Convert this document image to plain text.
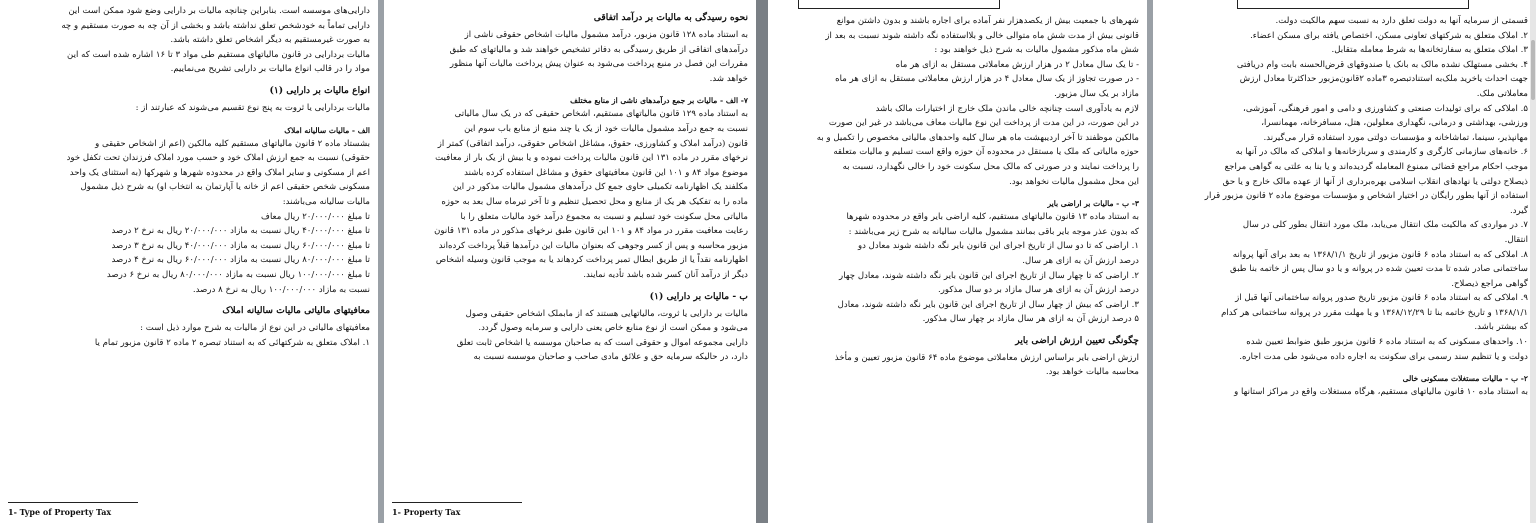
دارایی‌های موسسه است. بنابراین چنانچه مالیات بر دارایی وضع شود ممکن است این
دارایی تماماً به خودشخص تعلق نداشته باشد و بخشی از آن چه به صورت مستقیم و چه
به صورت غیرمستقیم به دیگر اشخاص تعلق داشته باشد.
مالیات بردارایی در قانون مالیاتهای مستقیم طی مواد ۳ تا ۱۶ اشاره شده است که این
مواد را در قالب انواع مالیات بر دارایی تشریح می‌نماییم.
انواع مالیات بر دارایی (۱)
مالیات بردارایی یا ثروت به پنج نوع تقسیم می‌شوند که عبارتند از :
الف - مالیات سالیانه املاک
بشستاد ماده ۲ قانون مالیاتهای مستقیم کلیه مالکین (اعم از اشخاص حقیقی و
حقوقی) نسبت به جمع ارزش املاک خود و حسب مورد املاک فرزندان تحت تکفل خود
اعم از مسکونی و سایر املاک واقع در محدوده شهرها و شهرکها (به استثنای یک واحد
مسکونی شخص حقیقی اعم از خانه یا آپارتمان به انتخاب او) به شرح ذیل مشمول
مالیات سالیانه می‌باشند:
تا مبلغ ۲۰/۰۰۰/۰۰۰ ریال معاف
تا مبلغ ۴۰/۰۰۰/۰۰۰ ریال نسبت به مازاد ۲۰/۰۰۰/۰۰۰ ریال به نرخ ۲ درصد
تا مبلغ ۶۰/۰۰۰/۰۰۰ ریال نسبت به مازاد ۴۰/۰۰۰/۰۰۰ ریال به نرخ ۳ درصد
تا مبلغ ۸۰/۰۰۰/۰۰۰ ریال نسبت به مازاد ۶۰/۰۰۰/۰۰۰ ریال به نرخ ۴ درصد
تا مبلغ ۱۰۰/۰۰۰/۰۰۰ ریال نسبت به مازاد ۸۰/۰۰۰/۰۰۰ ریال به نرخ ۶ درصد
نسبت به مازاد ۱۰۰/۰۰۰/۰۰۰ ریال به نرخ ۸ درصد.
معافیتهای مالیاتی مالیات سالیانه املاک
معافیتهای مالیاتی در این نوع از مالیات به شرح موارد ذیل است :
۱. املاک متعلق به شرکتهائی که به استناد تبصره ۲ ماده ۲ قانون مزبور تمام یا
1- Type of Property Tax
نحوه رسیدگی به مالیات بر درآمد اتفاقی
به استناد ماده ۱۲۸ قانون مزبور، درآمد مشمول مالیات اشخاص حقوقی ناشی از
درآمدهای اتفاقی از طریق رسیدگی به دفاتر تشخیص خواهند شد و مالیاتهای که طبق
مقررات این فصل در منبع پرداخت می‌شود به عنوان پیش پرداخت مالیات آنها منظور
خواهد شد.
۷- الف - مالیات بر جمع درآمدهای ناشی از منابع مختلف
به استناد ماده ۱۲۹ قانون مالیاتهای مستقیم، اشخاص حقیقی که در یک سال مالیاتی
نسبت به جمع درآمد مشمول مالیات خود از یک یا چند منبع از منابع باب سوم این
قانون (درآمد املاک و کشاورزی، حقوق، مشاغل اشخاص حقوقی، درآمد اتفاقی) کمتر از
نرخهای مقرر در ماده ۱۳۱ این قانون مالیات پرداخت نموده و یا بیش از یک بار از معافیت
موضوع مواد ۸۴ و ۱۰۱ این قانون معافیتهای حقوق و مشاغل استفاده کرده باشند
مکلفند یک اظهارنامه تکمیلی حاوی جمع کل درآمدهای مشمول مالیات مذکور در این
ماده را به تفکیک هر یک از منابع و محل تحصیل تنظیم و تا آخر تیرماه سال بعد به حوزه
مالیاتی محل سکونت خود تسلیم و نسبت به مجموع درآمد خود مالیات متعلق را با
رعایت معافیت مقرر در مواد ۸۴ و ۱۰۱ این قانون طبق نرخهای مذکور در ماده ۱۳۱ قانون
مزبور محاسبه و پس از کسر وجوهی که بعنوان مالیات این درآمدها قبلاً پرداخت کرده‌اند
اظهارنامه نقداً یا از طریق ابطال تمبر پرداخت کردهاند یا به موجب قانون وسیله اشخاص
دیگر از درآمد آنان کسر شده باشد تأدیه نمایند.
ب - مالیات بر دارایی (۱)
مالیات بر دارایی یا ثروت، مالیاتهایی هستند که از مابملک اشخاص حقیقی وصول
می‌شود و ممکن است از نوع منابع خاص یعنی دارایی و سرمایه وصول گردد.
دارایی مجموعه اموال و حقوقی است که به صاحبان موسسه یا اشخاص ثابت تعلق
دارد، در حالیکه سرمایه حق و علائق مادی صاحب و صاحبان موسسه نسبت به
1- Property Tax
شهرهای با جمعیت بیش از یکصدهزار نفر آماده برای اجاره باشند و بدون داشتن موانع
قانونی بیش از مدت شش ماه متوالی خالی و بلااستفاده نگه داشته شوند نسبت به بعد از
شش ماه مذکور مشمول مالیات به شرح ذیل خواهند بود :
- تا یک سال معادل ۲ در هزار ارزش معاملاتی مستقل به ازای هر ماه
- در صورت تجاوز از یک سال معادل ۴ در هزار ارزش معاملاتی مستقل به ازای هر ماه
مازاد بر یک سال مزبور.
لازم به یادآوری است چنانچه خالی ماندن ملک خارج از اختیارات مالک باشد
در این صورت، در این مدت از پرداخت این نوع مالیات معاف می‌باشد در غیر این صورت
مالکین موظفند تا آخر اردیبهشت ماه هر سال کلیه واحدهای مالیاتی مخصوص را تکمیل و به
حوزه مالیاتی که ملک یا مستقل در محدوده آن حوزه واقع است تسلیم و مالیات متعلقه
را پرداخت نمایند و در صورتی که مالک محل سکونت خود را خالی نگهدارد، نسبت به
این محل مشمول مالیات نخواهد بود.
۳- ب - مالیات بر اراضی بایر
به استناد ماده ۱۳ قانون مالیاتهای مستقیم، کلیه اراضی بایر واقع در محدوده شهرها
که بدون عذر موجه بایر باقی بمانند مشمول مالیات سالیانه به شرح زیر می‌باشند :
۱. اراضی که تا دو سال از تاریخ اجرای این قانون بایر نگه داشته شوند معادل دو
درصد ارزش آن به ازای هر سال.
۲. اراضی که تا چهار سال از تاریخ اجرای این قانون بایر نگه داشته شوند، معادل چهار
درصد ارزش آن به ازای هر سال مازاد بر دو سال مذکور.
۳. اراضی که بیش از چهار سال از تاریخ اجرای این قانون بایر نگه داشته شوند، معادل
۵ درصد ارزش آن به ازای هر سال مازاد بر چهار سال مذکور.
چگونگی تعیین ارزش اراضی بایر
ارزش اراضی بایر براساس ارزش معاملاتی موضوع ماده ۶۴ قانون مزبور تعیین و مأخذ
محاسبه مالیات خواهد بود.
قسمتی از سرمایه آنها به دولت تعلق دارد به نسبت سهم مالکیت دولت.
۲. املاک متعلق به شرکتهای تعاونی مسکن، اختصاص یافته برای مسکن اعضاء.
۳. املاک متعلق به سفارتخانه‌ها به شرط معامله متقابل.
۴. بخشی مستهلک نشده مالک به بانک یا صندوقهای قرض‌الحسنه بابت وام دریافتی
جهت احداث یاخرید ملک‌به استنادتبصره ۳ماده ۲قانون‌مزبور حداکثرتا معادل ارزش
معاملاتی ملک.
۵. املاکی که برای تولیدات صنعتی و کشاورزی و دامی و امور فرهنگی، آموزشی،
ورزشی، بهداشتی و درمانی، نگهداری معلولین، هتل، مسافرخانه، مهمانسرا،
مهانپذیر، سینما، تماشاخانه و مؤسسات دولتی مورد استفاده قرار می‌گیرند.
۶. خانه‌های سازمانی کارگری و کارمندی و سربازخانه‌ها و املاکی که مالک در آنها به
موجب احکام مراجع قضائی ممنوع المعامله گردیده‌اند و یا بنا به علتی به گواهی مراجع
ذیصلاح دولتی یا نهادهای انقلاب اسلامی بهره‌برداری از آنها از عهده مالک خارج و یا حق
استفاده از آنها بطور رایگان در اختیار اشخاص و مؤسسات موضوع ماده ۲ قانون مزبور قرار
گیرد.
۷. در مواردی که مالکیت ملک انتقال می‌یابد، ملک مورد انتقال بطور کلی در سال
انتقال.
۸. املاکی که به استناد ماده ۶ قانون مزبور از تاریخ ۱۳۶۸/۱/۱ به بعد برای آنها پروانه
ساختمانی صادر شده تا مدت تعیین شده در پروانه و یا دو سال پس از خاتمه بنا طبق
گواهی مراجع ذیصلاح.
۹. املاکی که به استناد ماده ۶ قانون مزبور تاریخ صدور پروانه ساختمانی آنها قبل از
۱۳۶۸/۱/۱ و تاریخ خاتمه بنا تا ۱۳۶۸/۱۲/۲۹ و یا مهلت مقرر در پروانه ساختمانی هر کدام
که بیشتر باشد.
۱۰. واحدهای مسکونی که به استناد ماده ۶ قانون مزبور طبق ضوابط تعیین شده
دولت و یا تنظیم سند رسمی برای سکونت به اجاره داده می‌شود طی مدت اجاره.
۲- ب - مالیات مستغلات مسکونی خالی
به استناد ماده ۱۰ قانون مالیاتهای مستقیم، هرگاه مستغلات واقع در مراکز استانها و
